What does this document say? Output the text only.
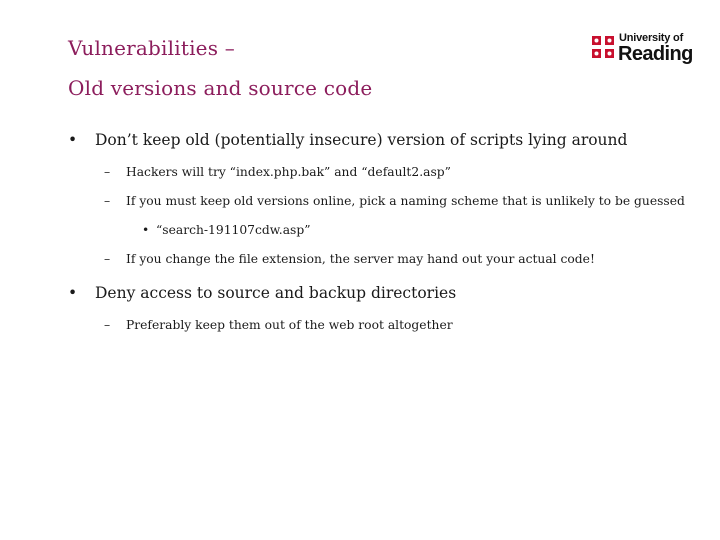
Vulnerabilities –
Old versions and source code
University of
Reading
• Don’t keep old (potentially insecure) version of scripts lying around
– Hackers will try “index.php.bak” and “default2.asp”
– If you must keep old versions online, pick a naming scheme that is unlikely to be guessed
• “search-191107cdw.asp”
– If you change the file extension, the server may hand out your actual code!
• Deny access to source and backup directories
– Preferably keep them out of the web root altogether
